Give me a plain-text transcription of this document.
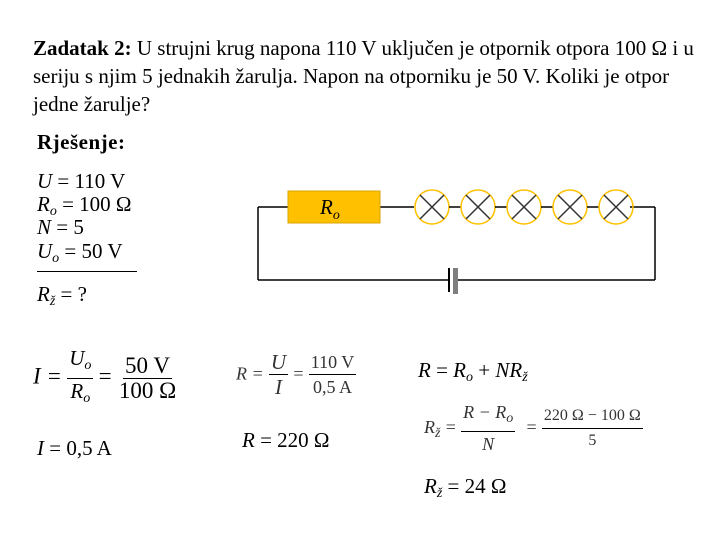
Zadatak 2: U strujni krug napona 110 V uključen je otpornik otpora 100 Ω i u seriju s njim 5 jednakih žarulja. Napon na otporniku je 50 V. Koliki je otpor jedne žarulje?
Rješenje:
U = 110 V
$R_o = 100$ Ω
N = 5
$U_o = 50$ V
$R_ž$ = ?
$R_o$
$I = \frac{U_o}{R_o} = \frac{50 V}{100 \Omega}$
I = 0,5 A
$R = \frac{U}{I} = \frac{110 V}{0,5 A}$
R = 220 Ω
$R = R_o + NR_ž$
$R_ž = \frac{R - R_o}{N} = \frac{220 \Omega - 100 \Omega}{5}$
$R_ž = 24$ Ω
